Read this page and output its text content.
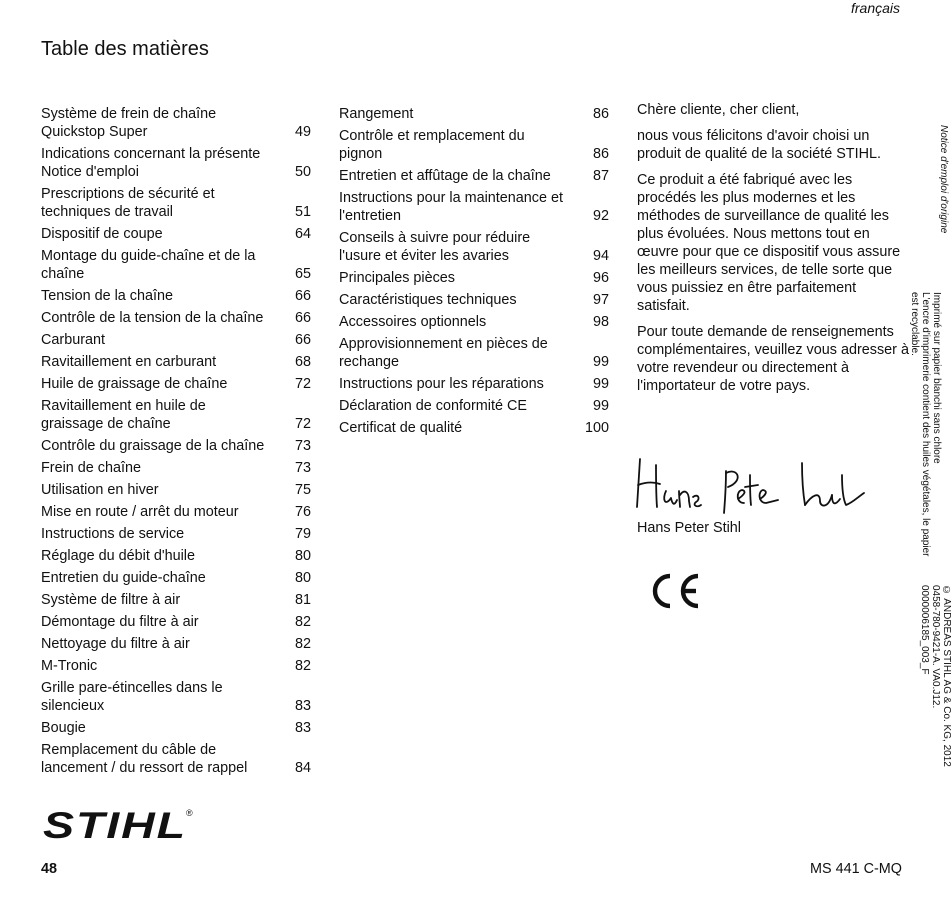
français
Table des matières
Système de frein de chaîne Quickstop Super	49
Indications concernant la présente Notice d'emploi	50
Prescriptions de sécurité et techniques de travail	51
Dispositif de coupe	64
Montage du guide-chaîne et de la chaîne	65
Tension de la chaîne	66
Contrôle de la tension de la chaîne 66
Carburant	66
Ravitaillement en carburant	68
Huile de graissage de chaîne	72
Ravitaillement en huile de graissage de chaîne	72
Contrôle du graissage de la chaîne 73
Frein de chaîne	73
Utilisation en hiver	75
Mise en route / arrêt du moteur	76
Instructions de service	79
Réglage du débit d'huile	80
Entretien du guide-chaîne	80
Système de filtre à air	81
Démontage du filtre à air	82
Nettoyage du filtre à air	82
M-Tronic	82
Grille pare-étincelles dans le silencieux	83
Bougie	83
Remplacement du câble de lancement / du ressort de rappel	84
Rangement	86
Contrôle et remplacement du pignon	86
Entretien et affûtage de la chaîne	87
Instructions pour la maintenance et l'entretien	92
Conseils à suivre pour réduire l'usure et éviter les avaries	94
Principales pièces	96
Caractéristiques techniques	97
Accessoires optionnels	98
Approvisionnement en pièces de rechange	99
Instructions pour les réparations	99
Déclaration de conformité CE	99
Certificat de qualité	100

Chère cliente, cher client,

nous vous félicitons d'avoir choisi un produit de qualité de la société STIHL.

Ce produit a été fabriqué avec les procédés les plus modernes et les méthodes de surveillance de qualité les plus évoluées. Nous mettons tout en œuvre pour que ce dispositif vous assure les meilleurs services, de telle sorte que vous puissiez en être parfaitement satisfait.

Pour toute demande de renseignements complémentaires, veuillez vous adresser à votre revendeur ou directement à l'importateur de votre pays.

Hans Peter Stihl
STIHL ®
48	MS 441 C-MQ
Notice d'emploi d'origine
Imprimé sur papier blanchi sans chlore
L'encre d'imprimerie contient des huiles végétales, le papier
est recyclable.
© ANDREAS STIHL AG & Co. KG, 2012
0458-780-9421-A. VA0.J12.
0000006185_003_F
